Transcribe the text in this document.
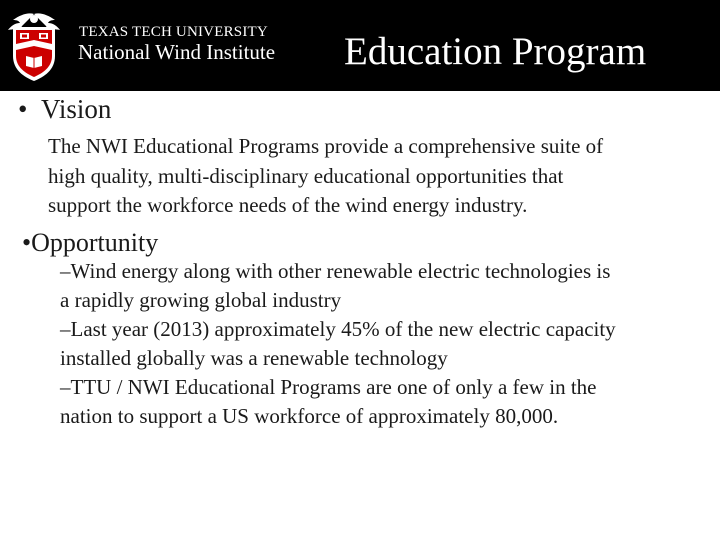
TEXAS TECH UNIVERSITY
National Wind Institute Education Program
• Vision
The NWI Educational Programs provide a comprehensive suite of
high quality, multi-disciplinary educational opportunities that
support the workforce needs of the wind energy industry.
•Opportunity
–Wind energy along with other renewable electric technologies is
a rapidly growing global industry
–Last year (2013) approximately 45% of the new electric capacity
installed globally was a renewable technology
–TTU / NWI Educational Programs are one of only a few in the
nation to support a US workforce of approximately 80,000.
